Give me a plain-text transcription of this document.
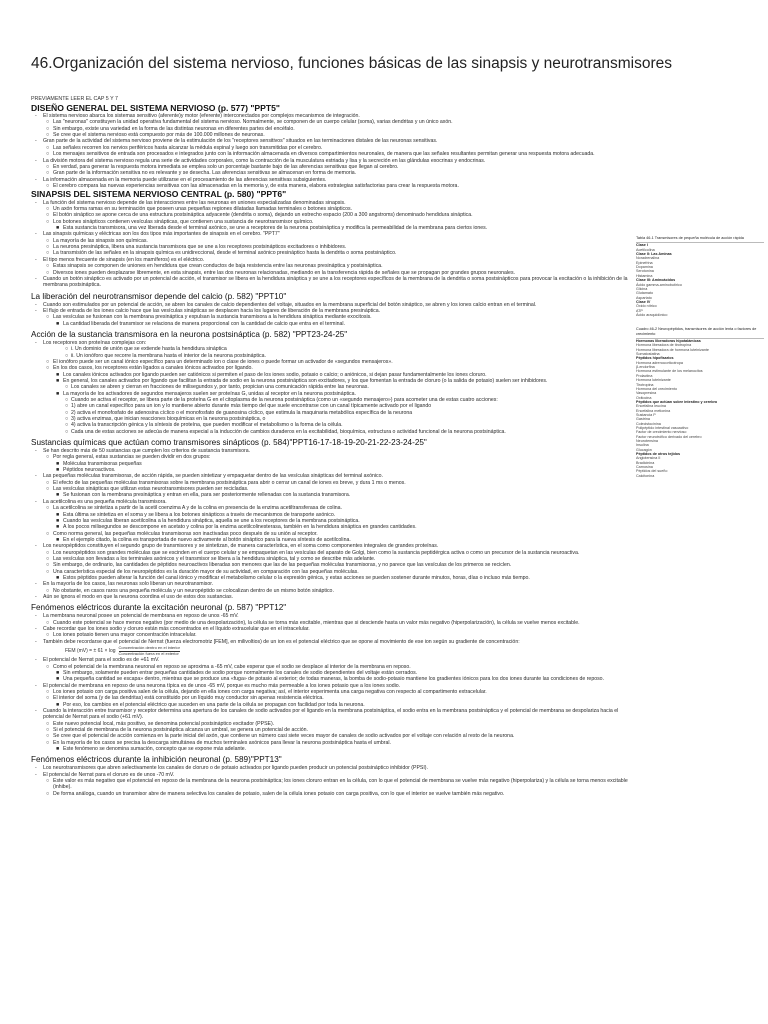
46.Organización del sistema nervioso, funciones básicas de las sinapsis y neurotransmisores

PREVIAMENTE LEER EL CAP 5 Y 7

DISEÑO GENERAL DEL SISTEMA NERVIOSO (p. 577) "PPT5"
- El sistema nervioso abarca los sistemas sensitivo (aferente)y motor (eferente) interconectados por complejos mecanismos de integración.
○ Las "neuronas" constituyen la unidad operativa fundamental del sistema nervioso. Normalmente, se componen de un cuerpo celular (soma), varias dendritas y un único axón.
○ Sin embargo, existe una variedad en la forma de las distintas neuronas en diferentes partes del encéfalo.
○ Se cree que el sistema nervioso está compuesto por más de 100.000 millones de neuronas.
- Gran parte de la actividad del sistema nervioso proviene de la estimulación de los "receptores sensitivos" situados en las terminaciones distales de las neuronas sensitivas.
○ Las señales recorren los nervios periféricos hasta alcanzar la médula espinal y luego son transmitidas por el cerebro.
○ Los mensajes sensitivos de entrada son procesados e integrados junto con la información almacenada en diversos compartimientos neuronales, de manera que las señales resultantes permitan generar una respuesta motora adecuada.
- La división motora del sistema nervioso regula una serie de actividades corporales, como la contracción de la musculatura estriada y lisa y la secreción en las glándulas exocrinas y endocrinas.
○ En verdad, para generar la respuesta motora inmediata se emplea solo un porcentaje bastante bajo de las aferencias sensitivas que llegan al cerebro.
○ Gran parte de la información sensitiva no es relevante y se desecha. Las aferencias sensitivas se almacenan en forma de memoria.
- La información almacenada en la memoria puede utilizarse en el procesamiento de las aferencias sensitivas subsiguientes.
○ El cerebro compara las nuevas experiencias sensitivas con las almacenadas en la memoria y, de esta manera, elabora estrategias satisfactorias para crear la respuesta motora.
SINAPSIS DEL SISTEMA NERVIOSO CENTRAL (p. 580) "PPT6"
- La función del sistema nervioso depende de las interacciones entre las neuronas en uniones especializadas denominadas sinapsis.
○ Un axón forma ramas en su terminación que poseen unas pequeñas regiones dilatadas llamadas terminales o botones sinápticos.
○ El botón sináptico se apone cerca de una estructura postsináptica adyacente (dendrita o soma), dejando un estrecho espacio (200 a 300 angstroms) denominado hendidura sináptica.
○ Los botones sinápticos contienen vesículas sinápticas, que contienen una sustancia de neurotransmisor químico.
■ Esta sustancia transmisora, una vez liberada desde el terminal axónico, se une a receptores de la neurona postsináptica y modifica la permeabilidad de la membrana para ciertos iones.
- Las sinapsis químicas y eléctricas son los dos tipos más importantes de sinapsis en el cerebro. "PPT7"
○ La mayoría de las sinapsis son químicas.
○ La neurona presináptica, libera una sustancia transmisora que se une a los receptores postsinápticos excitadores o inhibidores.
○ La transmisión de las señales en la sinapsis química es unidireccional, desde el terminal axónico presináptico hasta la dendrita o soma postsináptico.
- El tipo menos frecuente de sinapsis (en los mamíferos) es el eléctrico.
○ Estas sinapsis se componen de uniones en hendidura que crean conductos de baja resistencia entre las neuronas presináptica y postsináptica.
○ Diversos iones pueden desplazarse libremente, en esta sinapsis, entre las dos neuronas relacionadas, mediando en la transferencia rápida de señales que se propagan por grandes grupos neuronales.
- Cuando un botón sináptico es activado por un potencial de acción, el transmisor se libera en la hendidura sináptica y se une a los receptores específicos de la membrana de la dendrita o soma postsinápticos para provocar la excitación o la inhibición de la membrana postsináptica.
La liberación del neurotransmisor depende del calcio (p. 582) "PPT10"
- Cuando son estimulados por un potencial de acción, se abren los canales de calcio dependientes del voltaje, situados en la membrana superficial del botón sináptico, se abren y los iones calcio entran en el terminal.
- El flujo de entrada de los iones calcio hace que las vesículas sinápticas se desplacen hacia los lugares de liberación de la membrana presináptica.
○ Las vesículas se fusionan con la membrana presináptica y expulsan la sustancia transmisora a la hendidura sináptica mediante exocitosis.
■ La cantidad liberada del transmisor se relaciona de manera proporcional con la cantidad de calcio que entra en el terminal.
Acción de la sustancia transmisora en la neurona postsináptica (p. 582) "PPT23-24-25"
- Los receptores son proteínas complejas con:
○ i. Un dominio de unión que se extiende hasta la hendidura sináptica
○ ii. Un ionóforo que recorre la membrana hasta el interior de la neurona postsináptica.
○ El ionóforo puede ser un canal iónico específico para un determinado ion o clase de iones o puede formar un activador de «segundos mensajeros».
○ En los dos casos, los receptores están ligados a canales iónicos activados por ligando.
■ Los canales iónicos activados por ligando pueden ser catiónicos si permiten el paso de los iones sodio, potasio o calcio; o aniónicos, si dejan pasar fundamentalmente los iones cloruro.
■ En general, los canales activados por ligando que facilitan la entrada de sodio en la neurona postsináptica son excitadores, y los que fomentan la entrada de cloruro (o la salida de potasio) suelen ser inhibidores.
○ Los canales se abren y cierran en fracciones de milisegundos y, por tanto, propician una comunicación rápida entre las neuronas.
■ La mayoría de los activadores de segundos mensajeros suelen ser proteínas G, unidas al receptor en la neurona postsináptica.
○ Cuando se activa el receptor, se libera parte de la proteína G en el citoplasma de la neurona postsináptica (como un «segundo mensajero») para acometer una de estas cuatro acciones:
○ 1) abre un canal específico para un ion y lo mantiene abierto durante más tiempo del que suele encontrarse con un canal típicamente activado por el ligando
○ 2) activa el monofosfato de adenosina cíclico o el monofosfato de guanosina cíclico, que estimula la maquinaria metabólica específica de la neurona
○ 3) activa enzimas, que inician reacciones bioquímicas en la neurona postsináptica, o
○ 4) activa la transcripción génica y la síntesis de proteína, que pueden modificar el metabolismo o la forma de la célula.
○ Cada una de estas acciones se adecúa de manera especial a la inducción de cambios duraderos en la excitabilidad, bioquímica, estructura o actividad funcional de la neurona postsináptica.
Sustancias químicas que actúan como transmisores sinápticos (p. 584)"PPT16-17-18-19-20-21-22-23-24-25"
- Se han descrito más de 50 sustancias que cumplen los criterios de sustancia transmisora.
○ Por regla general, estas sustancias se pueden dividir en dos grupos:
■ Moléculas transmisoras pequeñas
■ Péptidos neuroactivos.
- Las pequeñas moléculas transmisoras, de acción rápida, se pueden sintetizar y empaquetar dentro de las vesículas sinápticas del terminal axónico.
○ El efecto de las pequeñas moléculas transmisoras sobre la membrana postsináptica para abrir o cerrar un canal de iones es breve, y dura 1 ms o menos.
○ Las vesículas sinápticas que utilizan estas neurotransmisores pueden ser recicladas.
■ Se fusionan con la membrana presináptica y entran en ella, para ser posteriormente rellenadas con la sustancia transmisora.
- La acetilcolina es una pequeña molécula transmisora.
○ La acetilcolina se sintetiza a partir de la acetil coenzima A y de la colina en presencia de la enzima acetiltransferasa de colina.
■ Esta última se sintetiza en el soma y se libera a los botones sinápticos a través de mecanismos de transporte axónico.
■ Cuando las vesículas liberan acetilcolina a la hendidura sináptica, aquella se une a los receptores de la membrana postsináptica.
■ A los pocos milisegundos se descompone en acetato y colina por la enzima acetilcolinesterasa, también en la hendidura sináptica en grandes cantidades.
○ Como norma general, las pequeñas moléculas transmisoras son inactivadas poco después de su unión al receptor.
■ En el ejemplo citado, la colina es transportada de nuevo activamente al botón sináptico para la nueva síntesis de acetilcolina.
- Los neuropéptidos constituyen el segundo grupo de transmisores y se sintetizan, de manera característica, en el soma como componentes integrales de grandes proteínas.
○ Los neuropéptidos son grandes moléculas que se escinden en el cuerpo celular y se empaquetan en las vesículas del aparato de Golgi, bien como la sustancia peptidérgica activa o como un precursor de la sustancia neuroactiva.
○ Las vesículas son llevadas a los terminales axónicos y el transmisor se libera a la hendidura sináptica, tal y como se describe más adelante.
○ Sin embargo, de ordinario, las cantidades de péptidos neuroactivos liberadas son menores que las de las pequeñas moléculas transmisoras, y no parece que las vesículas de los primeros se reciclen.
○ Una característica especial de los neuropéptidos es la duración mayor de su actividad, en comparación con las pequeñas moléculas.
■ Estos péptidos pueden alterar la función del canal iónico y modificar el metabolismo celular o la expresión génica, y estas acciones se pueden sostener durante minutos, horas, días o incluso más tiempo.
- En la mayoría de los casos, las neuronas solo liberan un neurotransmisor.
○ No obstante, en casos raros una pequeña molécula y un neuropéptido se colocalizan dentro de un mismo botón sináptico.
- Aún se ignora el modo en que la neurona coordina el uso de estos dos sustancias.
Fenómenos eléctricos durante la excitación neuronal (p. 587) "PPT12"
- La membrana neuronal posee un potencial de membrana en reposo de unos -65 mV.
○ Cuando este potencial se hace menos negativo (por medio de una despolarización), la célula se torna más excitable, mientras que si desciende hasta un valor más negativo (hiperpolarización), la célula se vuelve menos excitable.
- Cabe recordar que los iones sodio y cloruro están más concentrados en el líquido extracelular que en el intracelular.
○ Los iones potasio tienen una mayor concentración intracelular.
- También debe recordarse que el potencial de Nernst (fuerza electromotriz [FEM], en milivoltios) de un ion es el potencial eléctrico que se opone al movimiento de ese ion según su gradiente de concentración:
FEM (mV) = ± $61 \times \log \frac{\text{Concentración dentro en el interior}}{\text{Concentración fuera en el exterior}}$
- El potencial de Nernst para el sodio es de +61 mV.
○ Como el potencial de la membrana neuronal en reposo se aproxima a -65 mV, cabe esperar que el sodio se desplace al interior de la membrana en reposo.
■ Sin embargo, solamente pueden entrar pequeñas cantidades de sodio porque normalmente los canales de sodio dependientes del voltaje están cerrados.
■ Una pequeña cantidad se escapa» dentro, mientras que se produce una «fuga» de potasio al exterior; de todas maneras, la bomba de sodio-potasio mantiene los gradientes iónicos para los dos iones durante las condiciones de reposo.
- El potencial de membrana en reposo de una neurona típica es de unos -65 mV, porque es mucho más permeable a los iones potasio que a los iones sodio.
○ Los iones potasio con carga positiva salen de la célula, dejando en ella iones con carga negativa; así, el interior experimenta una carga negativa con respecto al compartimento extracelular.
○ El interior del soma (y de las dendritas) está constituido por un líquido muy conductor sin apenas resistencia eléctrica.
■ Por eso, los cambios en el potencial eléctrico que suceden en una parte de la célula se propagan con facilidad por toda la neurona.
- Cuando la interacción entre transmisor y receptor determina una apertura de los canales de sodio activados por el ligando en la membrana postsináptica, el sodio entra en la membrana postsináptica y el potencial de membrana se despolariza hacia el potencial de Nernst para el sodio (+61 mV).
○ Este nuevo potencial local, más positivo, se denomina potencial postsináptico excitador (PPSE).
○ Si el potencial de membrana de la neurona postsináptica alcanza un umbral, se genera un potencial de acción.
○ Se cree que el potencial de acción comienza en la parte inicial del axón, que contiene un número casi siete veces mayor de canales de sodio activados por el voltaje con relación al resto de la neurona.
○ En la mayoría de los casos se precisa la descarga simultánea de muchos terminales axónicos para llevar la neurona postsináptica hasta el umbral.
■ Este fenómeno se denomina sumación, concepto que se expone más adelante.
Fenómenos eléctricos durante la inhibición neuronal (p. 589)"PPT13"
- Los neurotransmisores que abren selectivamente los canales de cloruro o de potasio activados por ligando pueden producir un potencial postsináptico inhibidor (PPSI).
- El potencial de Nernst para el cloruro es de unos -70 mV.
○ Este valor es más negativo que el potencial en reposo de la membrana de la neurona postsináptica; los iones cloruro entran en la célula, con lo que el potencial de membrana se vuelve más negativo (hiperpolariza) y la célula se torna menos excitable (inhibe).
○ De forma análoga, cuando un transmisor abre de manera selectiva los canales de potasio, salen de la célula iones potasio con carga positiva, con lo que el interior se vuelve también más negativo.

Tabla 46-1 Transmisores de pequeña molécula de acción rápida

Clase I
Acetilcolina
Clase II: Las Aminas
Noradrenalina
Epinefrina
Dopamina
Serotonina
Histamina
Clase III: Aminoácidos
Ácido gamma-aminobutírico
Glicina
Glutamato
Aspartato
Clase IV
Óxido nítrico
ATP
Ácido araquidónico

Cuadro 46-2 Neuropéptidos, transmisores de acción lenta o factores de crecimiento

Hormonas liberadoras hipotalámicas
Hormona liberadora de tirotropina
Hormona liberadora de hormona luteinizante
Somatostatina
Péptidos hipofisarios
Hormona adrenocorticotropa
β-endorfina
Hormona estimulante de los melanocitos
Prolactina
Hormona luteinizante
Tirotropina
Hormona del crecimiento
Vasopresina
Oxitocina
Péptidos que actúan sobre intestino y cerebro
Encefalina leucina
Encefalina metionina
Sustancia P
Gastrina
Colecistocinina
Polipéptido intestinal vasoactivo
Factor de crecimiento nervioso
Factor neurotrófico derivado del cerebro
Neurotensina
Insulina
Glucagón
Péptidos de otros tejidos
Angiotensina II
Bradicinina
Carnosina
Péptidos del sueño
Calcitonina
